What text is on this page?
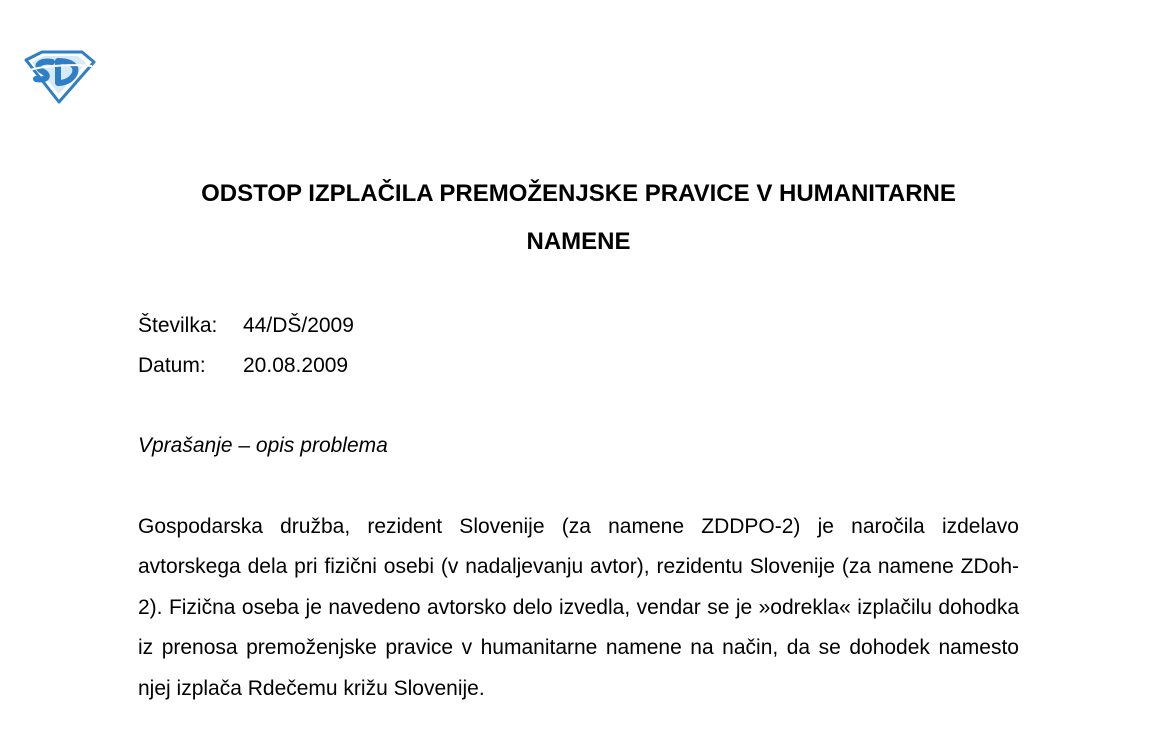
ODSTOP IZPLAČILA PREMOŽENJSKE PRAVICE V HUMANITARNE
NAMENE
Številka:	44/DŠ/2009
Datum:	20.08.2009
Vprašanje – opis problema

Gospodarska družba, rezident Slovenije (za namene ZDDPO-2) je naročila izdelavo avtorskega dela pri fizični osebi (v nadaljevanju avtor), rezidentu Slovenije (za namene ZDoh-2). Fizična oseba je navedeno avtorsko delo izvedla, vendar se je »odrekla« izplačilu dohodka iz prenosa premoženjske pravice v humanitarne namene na način, da se dohodek namesto njej izplača Rdečemu križu Slovenije.
